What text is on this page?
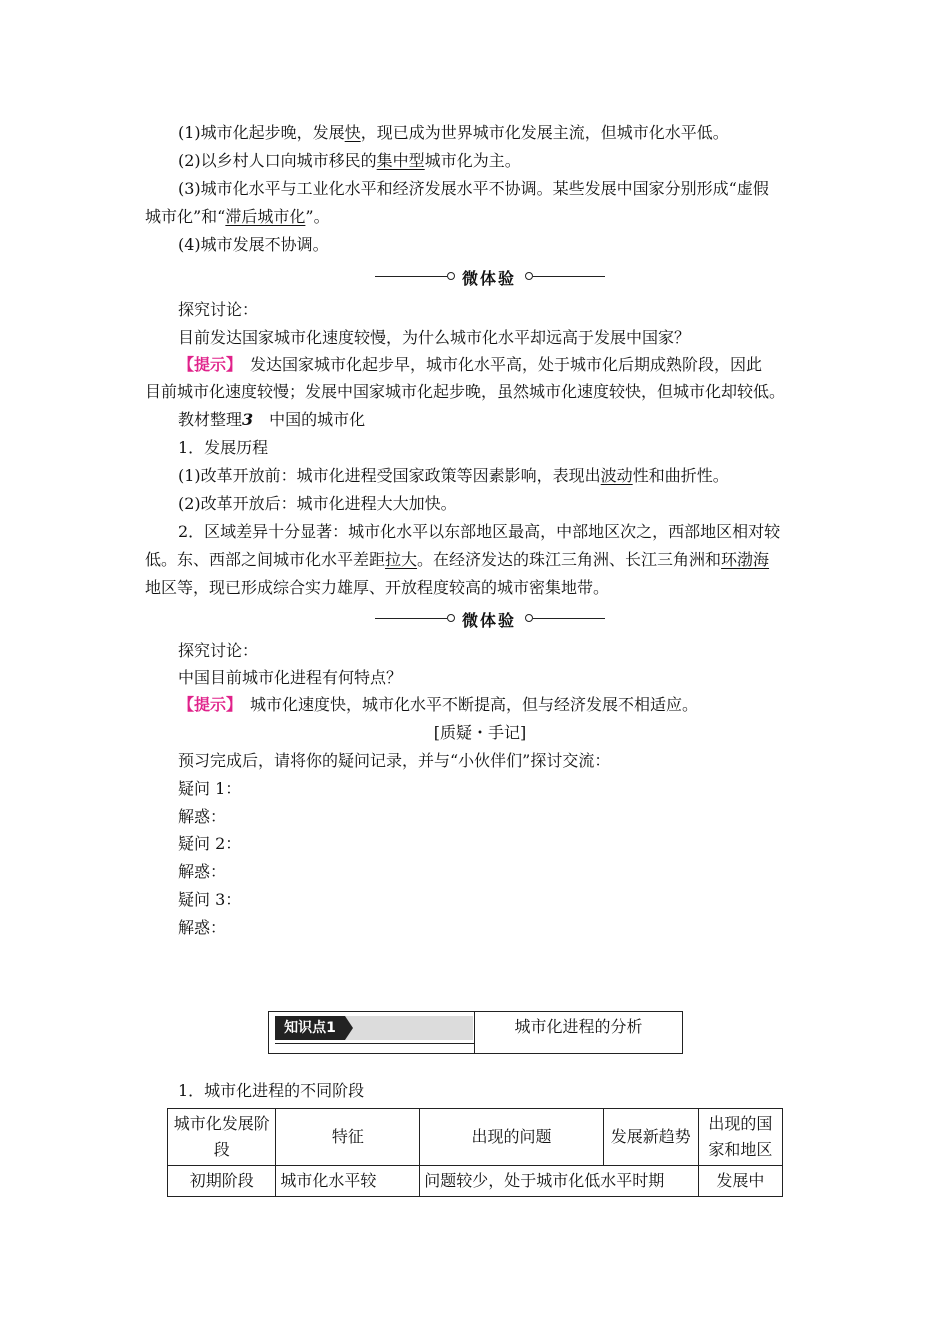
(1)城市化起步晚，发展快，现已成为世界城市化发展主流，但城市化水平低。
(2)以乡村人口向城市移民的集中型城市化为主。
(3)城市化水平与工业化水平和经济发展水平不协调。某些发展中国家分别形成“虚假
城市化”和“滞后城市化”。
(4)城市发展不协调。
微体验
探究讨论：
目前发达国家城市化速度较慢，为什么城市化水平却远高于发展中国家？
【提示】　发达国家城市化起步早，城市化水平高，处于城市化后期成熟阶段，因此
目前城市化速度较慢；发展中国家城市化起步晚，虽然城市化速度较快，但城市化却较低。
教材整理3　中国的城市化
1．发展历程
(1)改革开放前：城市化进程受国家政策等因素影响，表现出波动性和曲折性。
(2)改革开放后：城市化进程大大加快。
2．区域差异十分显著：城市化水平以东部地区最高，中部地区次之，西部地区相对较
低。东、西部之间城市化水平差距拉大。在经济发达的珠江三角洲、长江三角洲和环渤海
地区等，现已形成综合实力雄厚、开放程度较高的城市密集地带。
微体验
探究讨论：
中国目前城市化进程有何特点？
【提示】　城市化速度快，城市化水平不断提高，但与经济发展不相适应。
[质疑・手记]
预习完成后，请将你的疑问记录，并与“小伙伴们”探讨交流：
疑问 1：
解惑：
疑问 2：
解惑：
疑问 3：
解惑：
知识点1	城市化进程的分析
1．城市化进程的不同阶段
城市化发展阶段	特征	出现的问题	发展新趋势	出现的国家和地区
初期阶段	城市化水平较	问题较少，处于城市化低水平时期		发展中
